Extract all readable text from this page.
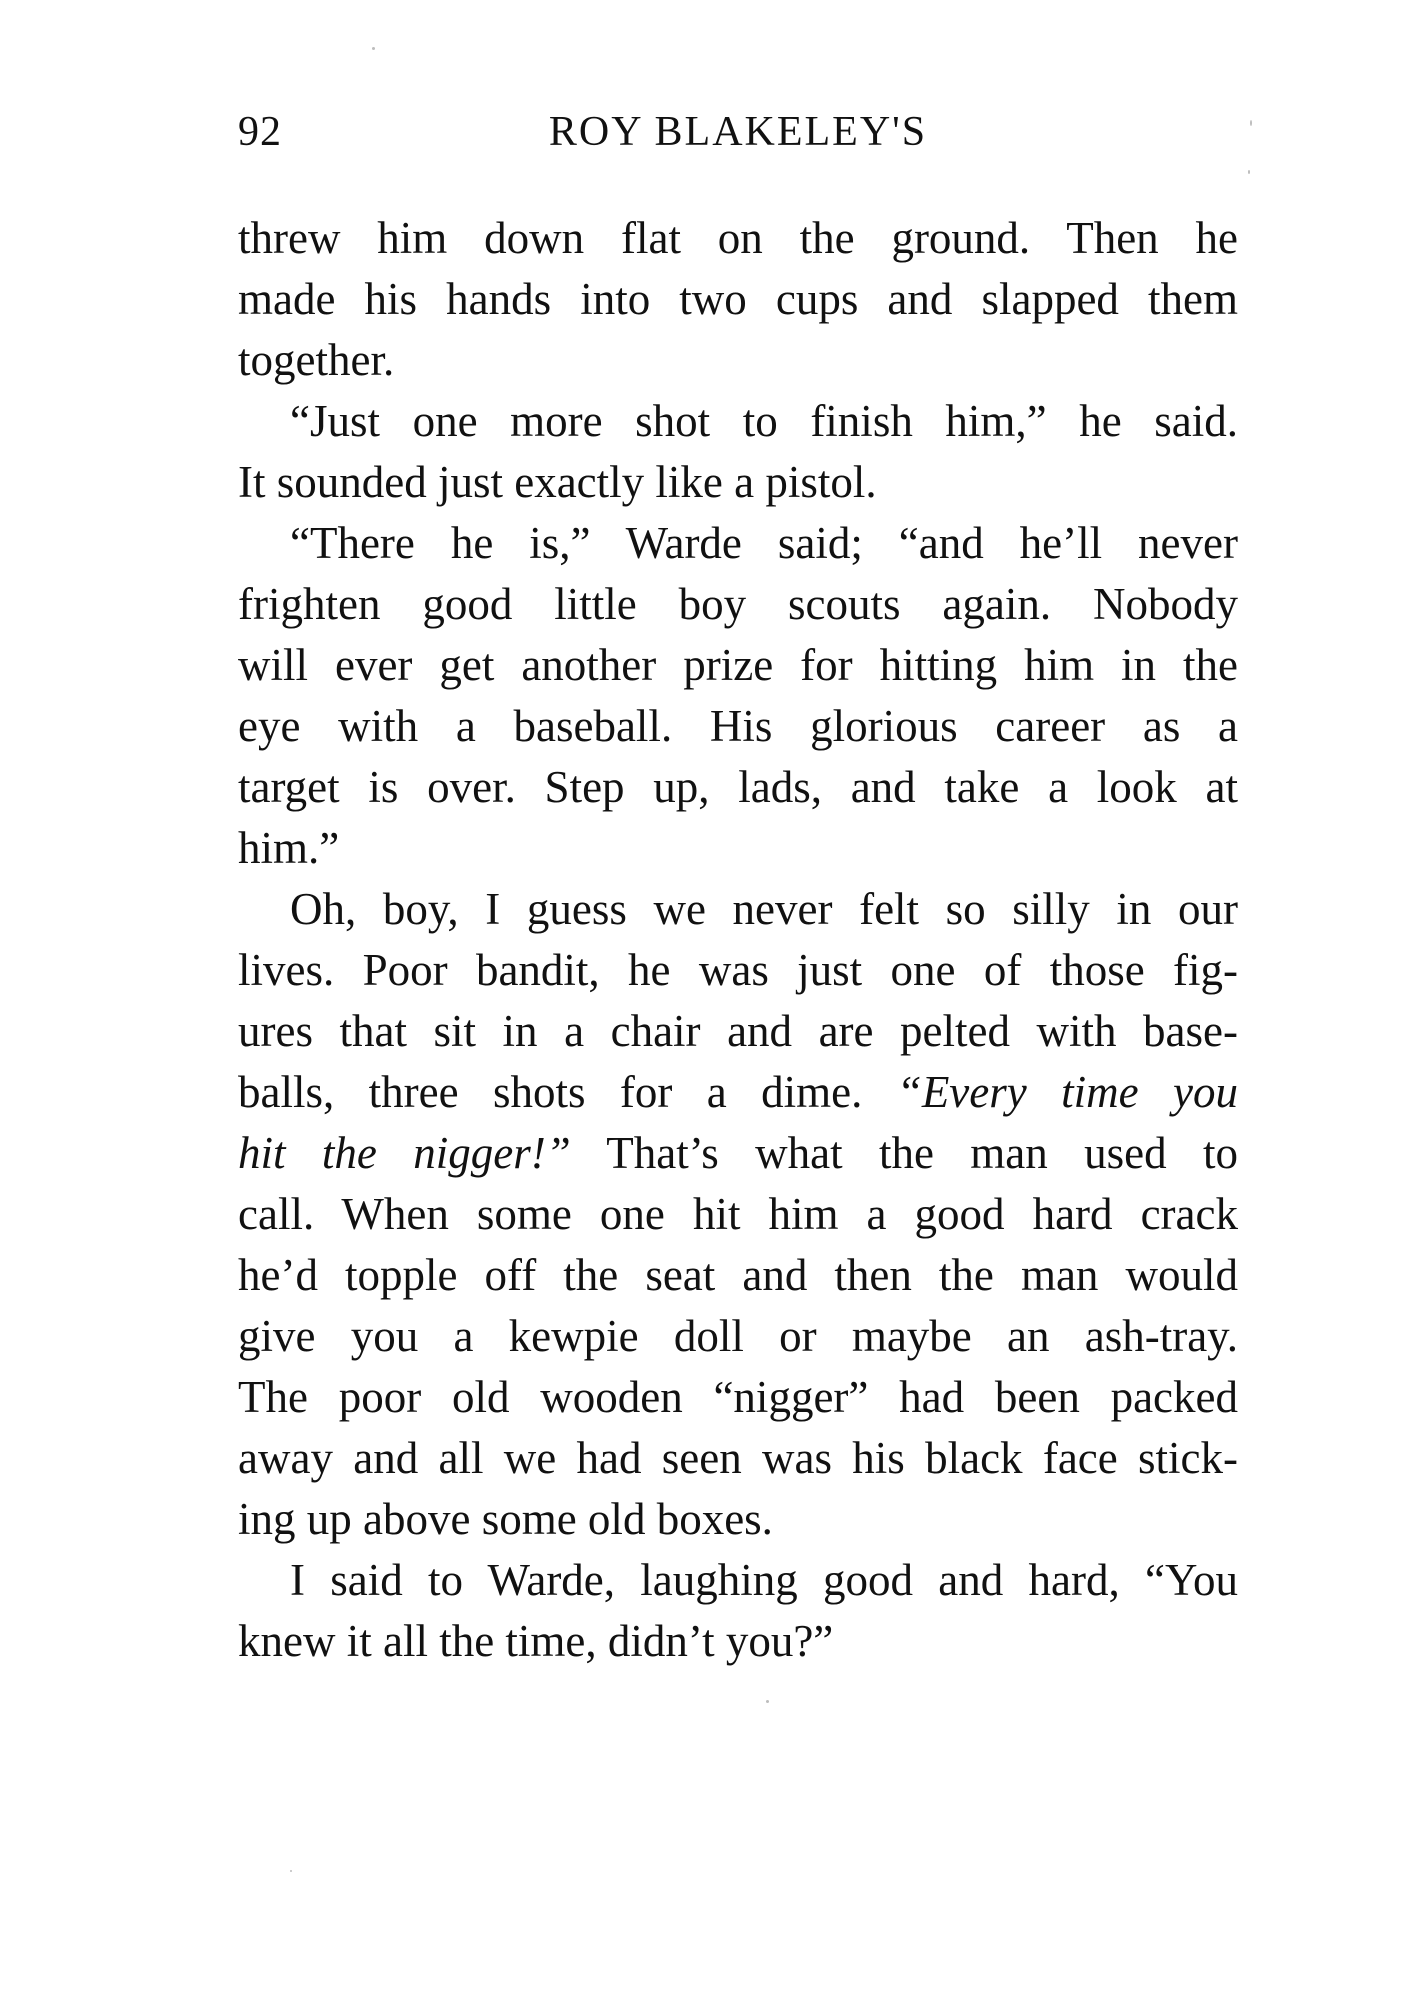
92	ROY BLAKELEY'S
threw him down flat on the ground. Then he
made his hands into two cups and slapped them
together.
“Just one more shot to finish him,” he said.
It sounded just exactly like a pistol.
“There he is,” Warde said; “and he’ll never
frighten good little boy scouts again. Nobody
will ever get another prize for hitting him in the
eye with a baseball. His glorious career as a
target is over. Step up, lads, and take a look at
him.”
Oh, boy, I guess we never felt so silly in our
lives. Poor bandit, he was just one of those fig-
ures that sit in a chair and are pelted with base-
balls, three shots for a dime. “Every time you
hit the nigger!” That’s what the man used to
call. When some one hit him a good hard crack
he’d topple off the seat and then the man would
give you a kewpie doll or maybe an ash-tray.
The poor old wooden “nigger” had been packed
away and all we had seen was his black face stick-
ing up above some old boxes.
I said to Warde, laughing good and hard, “You
knew it all the time, didn’t you?”
